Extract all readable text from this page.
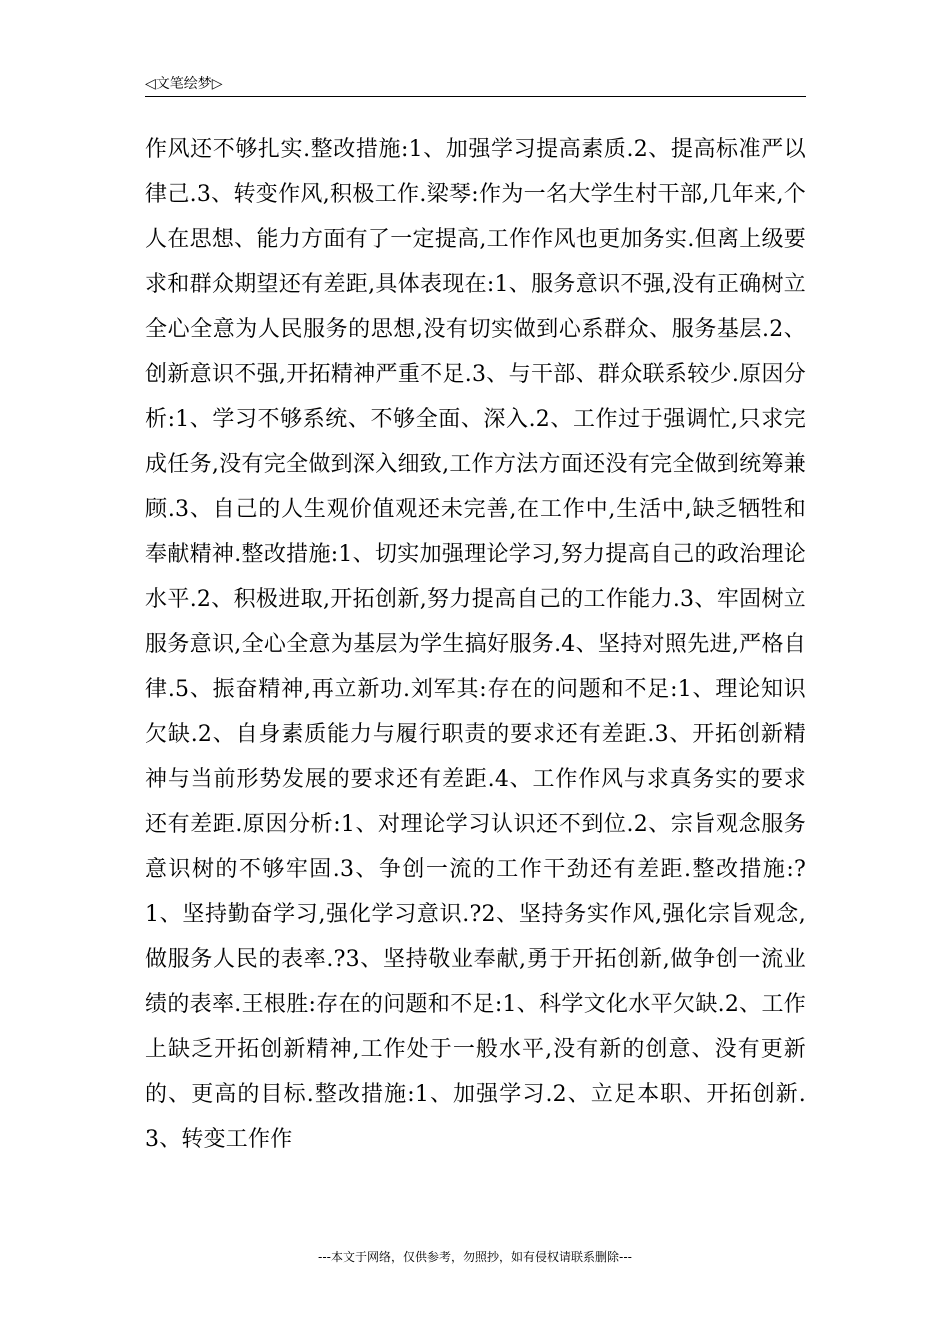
◁文笔绘梦▷

作风还不够扎实.整改措施:1、加强学习提高素质.2、提高标准严以律己.3、转变作风,积极工作.梁琴:作为一名大学生村干部,几年来,个人在思想、能力方面有了一定提高,工作作风也更加务实.但离上级要求和群众期望还有差距,具体表现在:1、服务意识不强,没有正确树立全心全意为人民服务的思想,没有切实做到心系群众、服务基层.2、创新意识不强,开拓精神严重不足.3、与干部、群众联系较少.原因分析:1、学习不够系统、不够全面、深入.2、工作过于强调忙,只求完成任务,没有完全做到深入细致,工作方法方面还没有完全做到统筹兼顾.3、自己的人生观价值观还未完善,在工作中,生活中,缺乏牺牲和奉献精神.整改措施:1、切实加强理论学习,努力提高自己的政治理论水平.2、积极进取,开拓创新,努力提高自己的工作能力.3、牢固树立服务意识,全心全意为基层为学生搞好服务.4、坚持对照先进,严格自律.5、振奋精神,再立新功.刘军其:存在的问题和不足:1、理论知识欠缺.2、自身素质能力与履行职责的要求还有差距.3、开拓创新精神与当前形势发展的要求还有差距.4、工作作风与求真务实的要求还有差距.原因分析:1、对理论学习认识还不到位.2、宗旨观念服务意识树的不够牢固.3、争创一流的工作干劲还有差距.整改措施:?1、坚持勤奋学习,强化学习意识.?2、坚持务实作风,强化宗旨观念,做服务人民的表率.?3、坚持敬业奉献,勇于开拓创新,做争创一流业绩的表率.王根胜:存在的问题和不足:1、科学文化水平欠缺.2、工作上缺乏开拓创新精神,工作处于一般水平,没有新的创意、没有更新的、更高的目标.整改措施:1、加强学习.2、立足本职、开拓创新.3、转变工作作

---本文于网络，仅供参考，勿照抄，如有侵权请联系删除---
